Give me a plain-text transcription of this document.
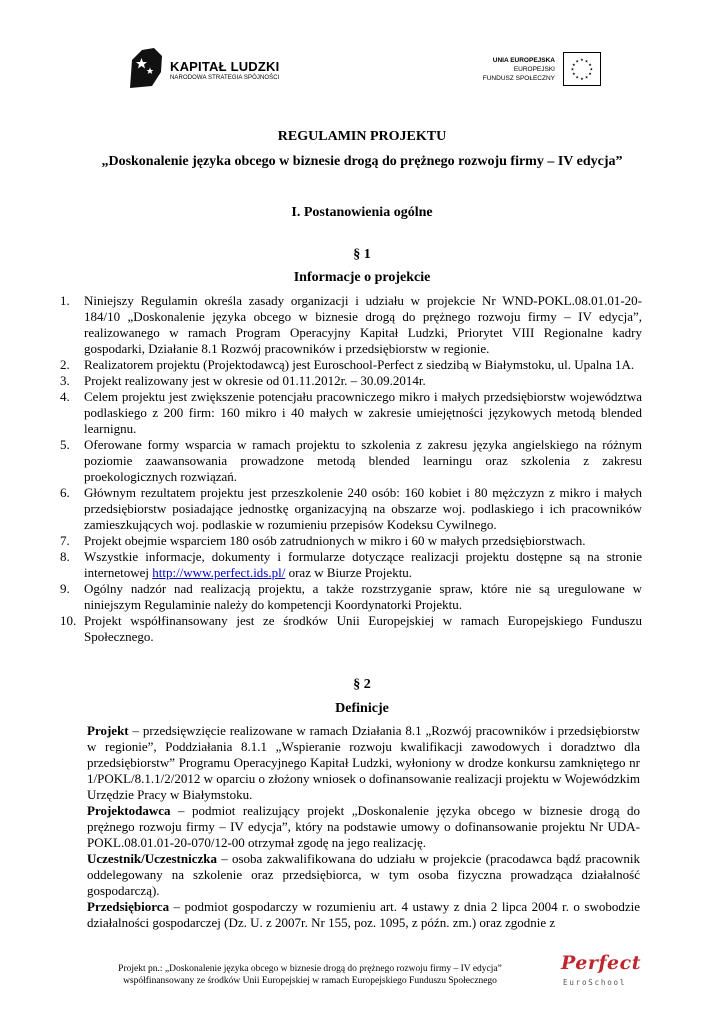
KAPITAŁ LUDZKI
NARODOWA STRATEGIA SPÓJNOŚCI
UNIA EUROPEJSKA
EUROPEJSKI
FUNDUSZ SPOŁECZNY
★
★
★
★
★
★
★
★
★ ★ ★
★
REGULAMIN PROJEKTU
„Doskonalenie języka obcego w biznesie drogą do prężnego rozwoju firmy – IV edycja”
I. Postanowienia ogólne
§ 1
Informacje o projekcie
1. Niniejszy Regulamin określa zasady organizacji i udziału w projekcie Nr WND-POKL.08.01.01-20-184/10 „Doskonalenie języka obcego w biznesie drogą do prężnego rozwoju firmy – IV edycja”, realizowanego w ramach Program Operacyjny Kapitał Ludzki, Priorytet VIII Regionalne kadry gospodarki, Działanie 8.1 Rozwój pracowników i przedsiębiorstw w regionie.
2. Realizatorem projektu (Projektodawcą) jest Euroschool-Perfect z siedzibą w Białymstoku, ul. Upalna 1A.
3. Projekt realizowany jest w okresie od 01.11.2012r. – 30.09.2014r.
4. Celem projektu jest zwiększenie potencjału pracowniczego mikro i małych przedsiębiorstw województwa podlaskiego z 200 firm: 160 mikro i 40 małych w zakresie umiejętności językowych metodą blended learnignu.
5. Oferowane formy wsparcia w ramach projektu to szkolenia z zakresu języka angielskiego na różnym poziomie zaawansowania prowadzone metodą blended learningu oraz szkolenia z zakresu proekologicznych rozwiązań.
6. Głównym rezultatem projektu jest przeszkolenie 240 osób: 160 kobiet i 80 mężczyzn z mikro i małych przedsiębiorstw posiadające jednostkę organizacyjną na obszarze woj. podlaskiego i ich pracowników zamieszkujących woj. podlaskie w rozumieniu przepisów Kodeksu Cywilnego.
7. Projekt obejmie wsparciem 180 osób zatrudnionych w mikro i 60 w małych przedsiębiorstwach.
8. Wszystkie informacje, dokumenty i formularze dotyczące realizacji projektu dostępne są na stronie internetowej http://www.perfect.ids.pl/ oraz w Biurze Projektu.
9. Ogólny nadzór nad realizacją projektu, a także rozstrzyganie spraw, które nie są uregulowane w niniejszym Regulaminie należy do kompetencji Koordynatorki Projektu.
10. Projekt współfinansowany jest ze środków Unii Europejskiej w ramach Europejskiego Funduszu Społecznego.
§ 2
Definicje

Projekt – przedsięwzięcie realizowane w ramach Działania 8.1 „Rozwój pracowników i przedsiębiorstw w regionie”, Poddziałania 8.1.1 „Wspieranie rozwoju kwalifikacji zawodowych i doradztwo dla przedsiębiorstw” Programu Operacyjnego Kapitał Ludzki, wyłoniony w drodze konkursu zamkniętego nr 1/POKL/8.1.1/2/2012 w oparciu o złożony wniosek o dofinansowanie realizacji projektu w Wojewódzkim Urzędzie Pracy w Białymstoku.

Projektodawca – podmiot realizujący projekt „Doskonalenie języka obcego w biznesie drogą do prężnego rozwoju firmy – IV edycja”, który na podstawie umowy o dofinansowanie projektu Nr UDA-POKL.08.01.01-20-070/12-00 otrzymał zgodę na jego realizację.

Uczestnik/Uczestniczka – osoba zakwalifikowana do udziału w projekcie (pracodawca bądź pracownik oddelegowany na szkolenie oraz przedsiębiorca, w tym osoba fizyczna prowadząca działalność gospodarczą).

Przedsiębiorca – podmiot gospodarczy w rozumieniu art. 4 ustawy z dnia 2 lipca 2004 r. o swobodzie działalności gospodarczej (Dz. U. z 2007r. Nr 155, poz. 1095, z późn. zm.) oraz zgodnie z

Projekt pn.: „Doskonalenie języka obcego w biznesie drogą do prężnego rozwoju firmy – IV edycja”
współfinansowany ze środków Unii Europejskiej w ramach Europejskiego Funduszu Społecznego
Perfect
EuroSchool
